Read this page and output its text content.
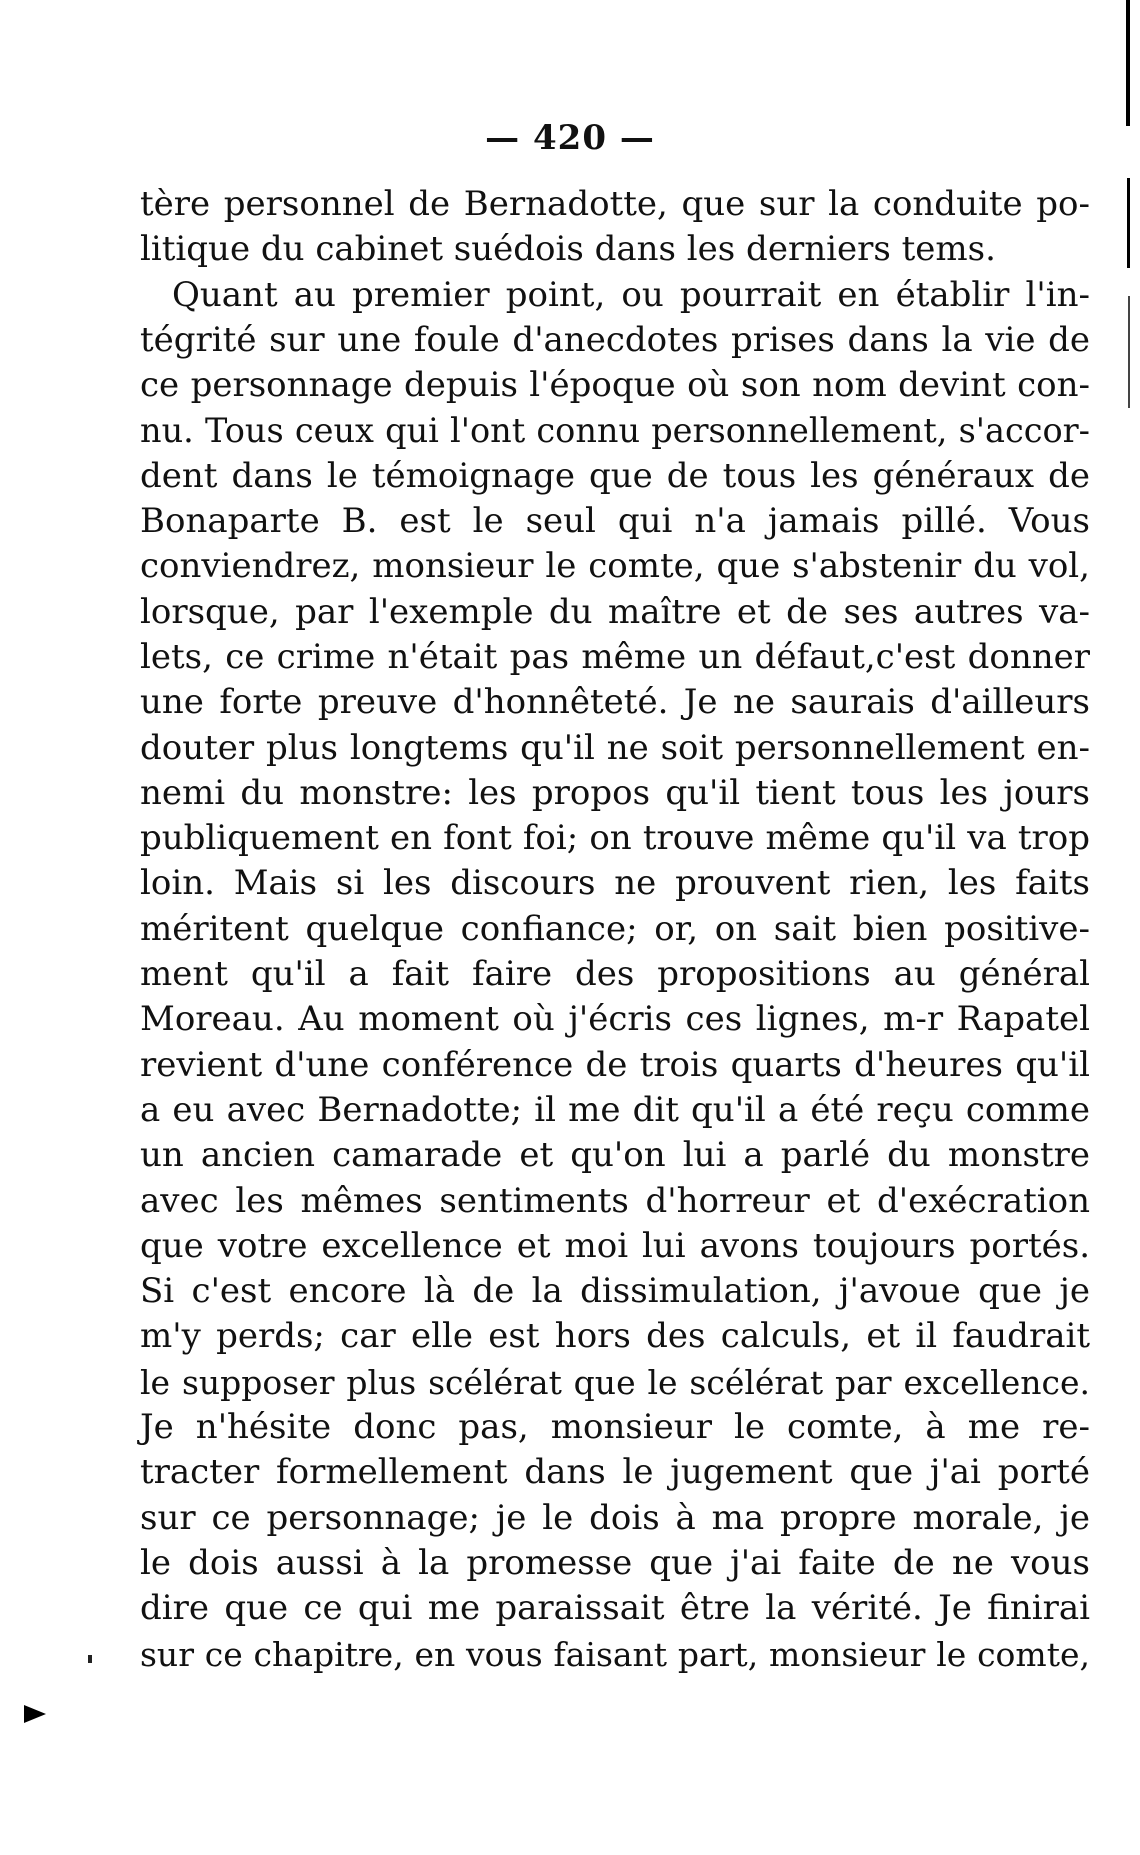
— 420 —
tère personnel de Bernadotte, que sur la conduite po-
litique du cabinet suédois dans les derniers tems.
Quant au premier point, ou pourrait en établir l'in-
tégrité sur une foule d'anecdotes prises dans la vie de
ce personnage depuis l'époque où son nom devint con-
nu. Tous ceux qui l'ont connu personnellement, s'accor-
dent dans le témoignage que de tous les généraux de
Bonaparte B. est le seul qui n'a jamais pillé. Vous
conviendrez, monsieur le comte, que s'abstenir du vol,
lorsque, par l'exemple du maître et de ses autres va-
lets, ce crime n'était pas même un défaut,c'est donner
une forte preuve d'honnêteté. Je ne saurais d'ailleurs
douter plus longtems qu'il ne soit personnellement en-
nemi du monstre: les propos qu'il tient tous les jours
publiquement en font foi; on trouve même qu'il va trop
loin. Mais si les discours ne prouvent rien, les faits
méritent quelque confiance; or, on sait bien positive-
ment qu'il a fait faire des propositions au général
Moreau. Au moment où j'écris ces lignes, m-r Rapatel
revient d'une conférence de trois quarts d'heures qu'il
a eu avec Bernadotte; il me dit qu'il a été reçu comme
un ancien camarade et qu'on lui a parlé du monstre
avec les mêmes sentiments d'horreur et d'exécration
que votre excellence et moi lui avons toujours portés.
Si c'est encore là de la dissimulation, j'avoue que je
m'y perds; car elle est hors des calculs, et il faudrait
le supposer plus scélérat que le scélérat par excellence.
Je n'hésite donc pas, monsieur le comte, à me re-
tracter formellement dans le jugement que j'ai porté
sur ce personnage; je le dois à ma propre morale, je
le dois aussi à la promesse que j'ai faite de ne vous
dire que ce qui me paraissait être la vérité. Je finirai
sur ce chapitre, en vous faisant part, monsieur le comte,
